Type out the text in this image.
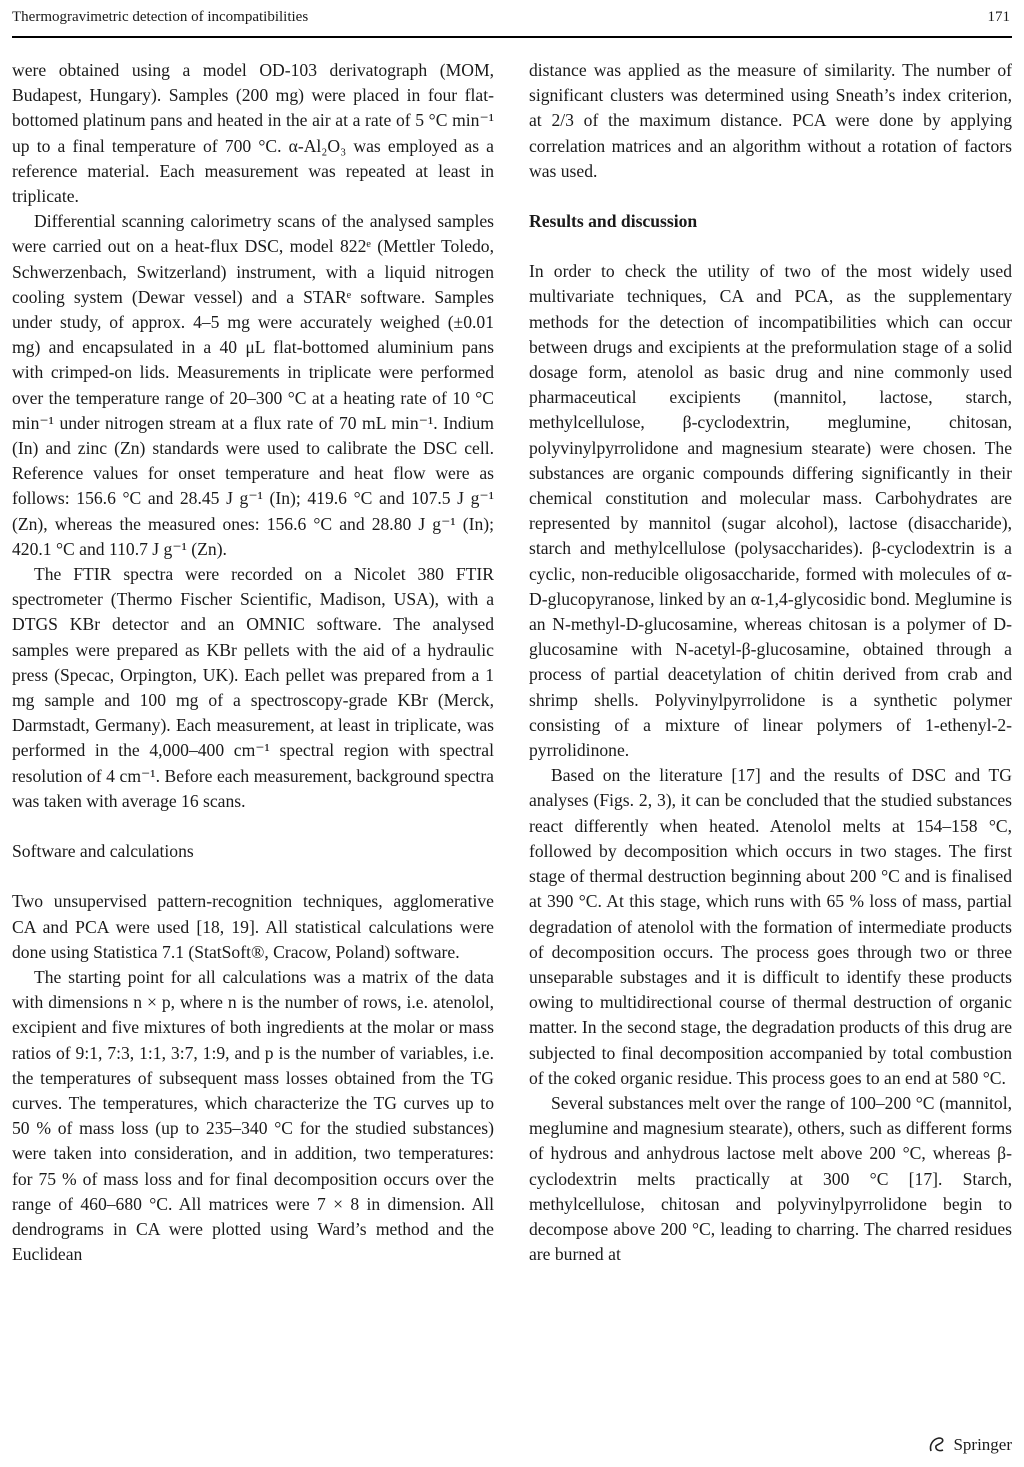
Thermogravimetric detection of incompatibilities	171

were obtained using a model OD-103 derivatograph (MOM, Budapest, Hungary). Samples (200 mg) were placed in four flat-bottomed platinum pans and heated in the air at a rate of 5 °C min⁻¹ up to a final temperature of 700 °C. α-Al₂O₃ was employed as a reference material. Each measurement was repeated at least in triplicate.

Differential scanning calorimetry scans of the analysed samples were carried out on a heat-flux DSC, model 822ᵉ (Mettler Toledo, Schwerzenbach, Switzerland) instrument, with a liquid nitrogen cooling system (Dewar vessel) and a STARᵉ software. Samples under study, of approx. 4–5 mg were accurately weighed (±0.01 mg) and encapsulated in a 40 μL flat-bottomed aluminium pans with crimped-on lids. Measurements in triplicate were performed over the temperature range of 20–300 °C at a heating rate of 10 °C min⁻¹ under nitrogen stream at a flux rate of 70 mL min⁻¹. Indium (In) and zinc (Zn) standards were used to calibrate the DSC cell. Reference values for onset temperature and heat flow were as follows: 156.6 °C and 28.45 J g⁻¹ (In); 419.6 °C and 107.5 J g⁻¹ (Zn), whereas the measured ones: 156.6 °C and 28.80 J g⁻¹ (In); 420.1 °C and 110.7 J g⁻¹ (Zn).

The FTIR spectra were recorded on a Nicolet 380 FTIR spectrometer (Thermo Fischer Scientific, Madison, USA), with a DTGS KBr detector and an OMNIC software. The analysed samples were prepared as KBr pellets with the aid of a hydraulic press (Specac, Orpington, UK). Each pellet was prepared from a 1 mg sample and 100 mg of a spectroscopy-grade KBr (Merck, Darmstadt, Germany). Each measurement, at least in triplicate, was performed in the 4,000–400 cm⁻¹ spectral region with spectral resolution of 4 cm⁻¹. Before each measurement, background spectra was taken with average 16 scans.

Software and calculations

Two unsupervised pattern-recognition techniques, agglomerative CA and PCA were used [18, 19]. All statistical calculations were done using Statistica 7.1 (StatSoft®, Cracow, Poland) software.

The starting point for all calculations was a matrix of the data with dimensions n × p, where n is the number of rows, i.e. atenolol, excipient and five mixtures of both ingredients at the molar or mass ratios of 9:1, 7:3, 1:1, 3:7, 1:9, and p is the number of variables, i.e. the temperatures of subsequent mass losses obtained from the TG curves. The temperatures, which characterize the TG curves up to 50 % of mass loss (up to 235–340 °C for the studied substances) were taken into consideration, and in addition, two temperatures: for 75 % of mass loss and for final decomposition occurs over the range of 460–680 °C. All matrices were 7 × 8 in dimension. All dendrograms in CA were plotted using Ward’s method and the Euclidean

distance was applied as the measure of similarity. The number of significant clusters was determined using Sneath’s index criterion, at 2/3 of the maximum distance. PCA were done by applying correlation matrices and an algorithm without a rotation of factors was used.

Results and discussion

In order to check the utility of two of the most widely used multivariate techniques, CA and PCA, as the supplementary methods for the detection of incompatibilities which can occur between drugs and excipients at the preformulation stage of a solid dosage form, atenolol as basic drug and nine commonly used pharmaceutical excipients (mannitol, lactose, starch, methylcellulose, β-cyclodextrin, meglumine, chitosan, polyvinylpyrrolidone and magnesium stearate) were chosen. The substances are organic compounds differing significantly in their chemical constitution and molecular mass. Carbohydrates are represented by mannitol (sugar alcohol), lactose (disaccharide), starch and methylcellulose (polysaccharides). β-cyclodextrin is a cyclic, non-reducible oligosaccharide, formed with molecules of α-D-glucopyranose, linked by an α-1,4-glycosidic bond. Meglumine is an N-methyl-D-glucosamine, whereas chitosan is a polymer of D-glucosamine with N-acetyl-β-glucosamine, obtained through a process of partial deacetylation of chitin derived from crab and shrimp shells. Polyvinylpyrrolidone is a synthetic polymer consisting of a mixture of linear polymers of 1-ethenyl-2-pyrrolidinone.

Based on the literature [17] and the results of DSC and TG analyses (Figs. 2, 3), it can be concluded that the studied substances react differently when heated. Atenolol melts at 154–158 °C, followed by decomposition which occurs in two stages. The first stage of thermal destruction beginning about 200 °C and is finalised at 390 °C. At this stage, which runs with 65 % loss of mass, partial degradation of atenolol with the formation of intermediate products of decomposition occurs. The process goes through two or three unseparable substages and it is difficult to identify these products owing to multidirectional course of thermal destruction of organic matter. In the second stage, the degradation products of this drug are subjected to final decomposition accompanied by total combustion of the coked organic residue. This process goes to an end at 580 °C.

Several substances melt over the range of 100–200 °C (mannitol, meglumine and magnesium stearate), others, such as different forms of hydrous and anhydrous lactose melt above 200 °C, whereas β-cyclodextrin melts practically at 300 °C [17]. Starch, methylcellulose, chitosan and polyvinylpyrrolidone begin to decompose above 200 °C, leading to charring. The charred residues are burned at

Springer
